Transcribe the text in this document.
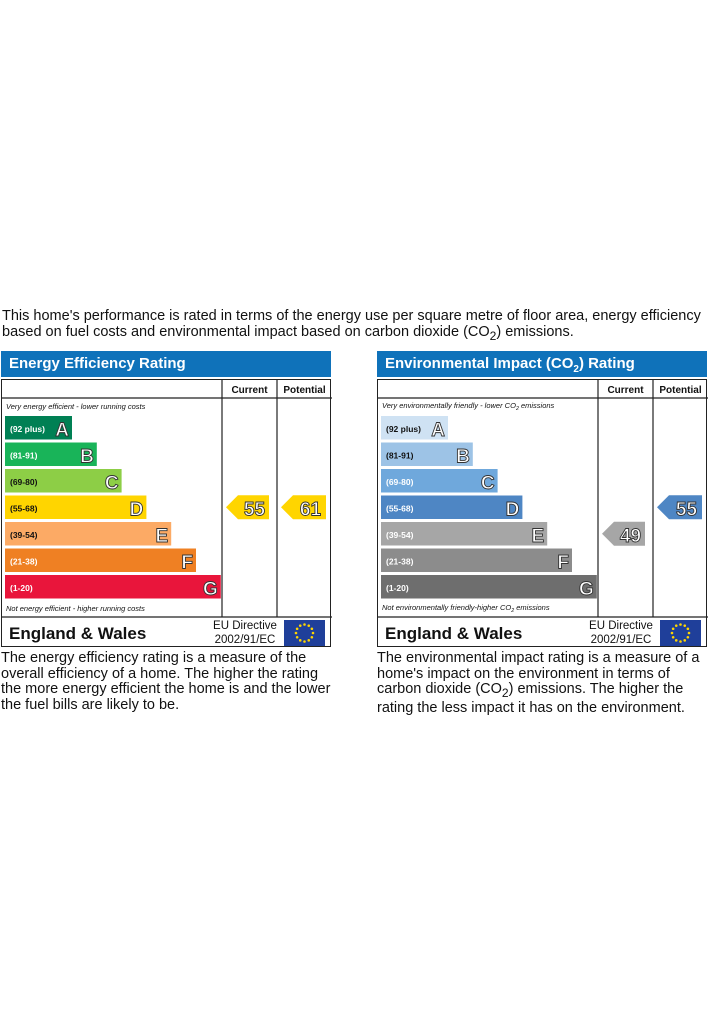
This home's performance is rated in terms of the energy use per square metre of floor area, energy efficiency based on fuel costs and environmental impact based on carbon dioxide $(CO_2)$ emissions.
Energy Efficiency Rating
Current Potential
Very energy efficient - lower running costs
Not energy efficient - higher running costs
(92 plus) A
(81-91) B
(69-80)	C
(55-68)	D
(39-54)	E
(21-38)	F
(1-20)	G
55 61
England & Wales	EU Directive
2002/91/EC
The energy efficiency rating is a measure of the overall efficiency of a home. The higher the rating the more energy efficient the home is and the lower the fuel bills are likely to be.
Environmental Impact $(CO_2)$ Rating
Current Potential
Very environmentally friendly - lower $CO_2$ emissions
Not environmentally friendly-higher $CO_2$ emissions
(92 plus) A
(81-91) B
(69-80)	C
(55-68)	D
(39-54)	E
(21-38)	F
(1-20)	G
49
55
England & Wales	EU Directive
2002/91/EC
The environmental impact rating is a measure of a home's impact on the environment in terms of carbon dioxide $(CO_2)$ emissions. The higher the rating the less impact it has on the environment.
